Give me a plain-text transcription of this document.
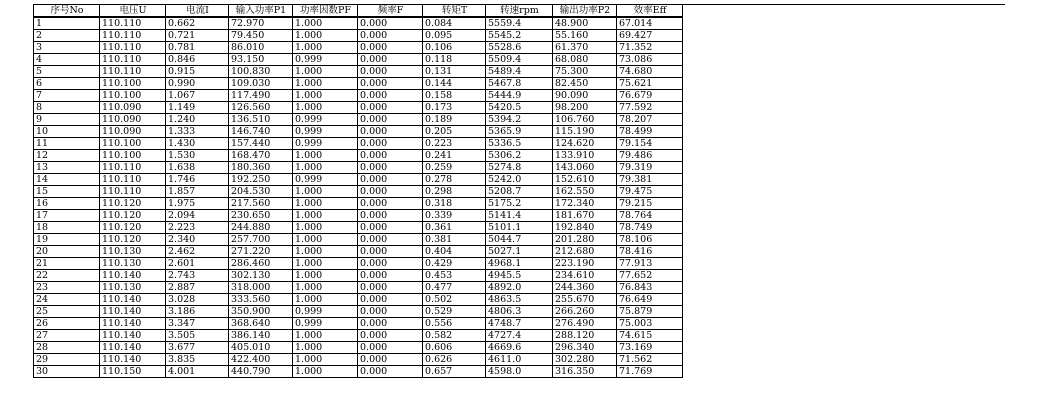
序号No	电压U	电流I	输入功率P1	功率因数PF	频率F	转矩T	转速rpm	输出功率P2	效率Eff
1	110.110	0.662	72.970	1.000	0.000	0.084	5559.4	48.900	67.014
2	110.110	0.721	79.450	1.000	0.000	0.095	5545.2	55.160	69.427
3	110.110	0.781	86.010	1.000	0.000	0.106	5528.6	61.370	71.352
4	110.110	0.846	93.150	0.999	0.000	0.118	5509.4	68.080	73.086
5	110.110	0.915	100.830	1.000	0.000	0.131	5489.4	75.300	74.680
6	110.100	0.990	109.030	1.000	0.000	0.144	5467.8	82.450	75.621
7	110.100	1.067	117.490	1.000	0.000	0.158	5444.9	90.090	76.679
8	110.090	1.149	126.560	1.000	0.000	0.173	5420.5	98.200	77.592
9	110.090	1.240	136.510	0.999	0.000	0.189	5394.2	106.760	78.207
10	110.090	1.333	146.740	0.999	0.000	0.205	5365.9	115.190	78.499
11	110.100	1.430	157.440	0.999	0.000	0.223	5336.5	124.620	79.154
12	110.100	1.530	168.470	1.000	0.000	0.241	5306.2	133.910	79.486
13	110.110	1.638	180.360	1.000	0.000	0.259	5274.8	143.060	79.319
14	110.110	1.746	192.250	0.999	0.000	0.278	5242.0	152.610	79.381
15	110.110	1.857	204.530	1.000	0.000	0.298	5208.7	162.550	79.475
16	110.120	1.975	217.560	1.000	0.000	0.318	5175.2	172.340	79.215
17	110.120	2.094	230.650	1.000	0.000	0.339	5141.4	181.670	78.764
18	110.120	2.223	244.880	1.000	0.000	0.361	5101.1	192.840	78.749
19	110.120	2.340	257.700	1.000	0.000	0.381	5044.7	201.280	78.106
20	110.130	2.462	271.220	1.000	0.000	0.404	5027.1	212.680	78.416
21	110.130	2.601	286.460	1.000	0.000	0.429	4968.1	223.190	77.913
22	110.140	2.743	302.130	1.000	0.000	0.453	4945.5	234.610	77.652
23	110.130	2.887	318.000	1.000	0.000	0.477	4892.0	244.360	76.843
24	110.140	3.028	333.560	1.000	0.000	0.502	4863.5	255.670	76.649
25	110.140	3.186	350.900	0.999	0.000	0.529	4806.3	266.260	75.879
26	110.140	3.347	368.640	0.999	0.000	0.556	4748.7	276.490	75.003
27	110.140	3.505	386.140	1.000	0.000	0.582	4727.4	288.120	74.615
28	110.140	3.677	405.010	1.000	0.000	0.606	4669.6	296.340	73.169
29	110.140	3.835	422.400	1.000	0.000	0.626	4611.0	302.280	71.562
30	110.150	4.001	440.790	1.000	0.000	0.657	4598.0	316.350	71.769
